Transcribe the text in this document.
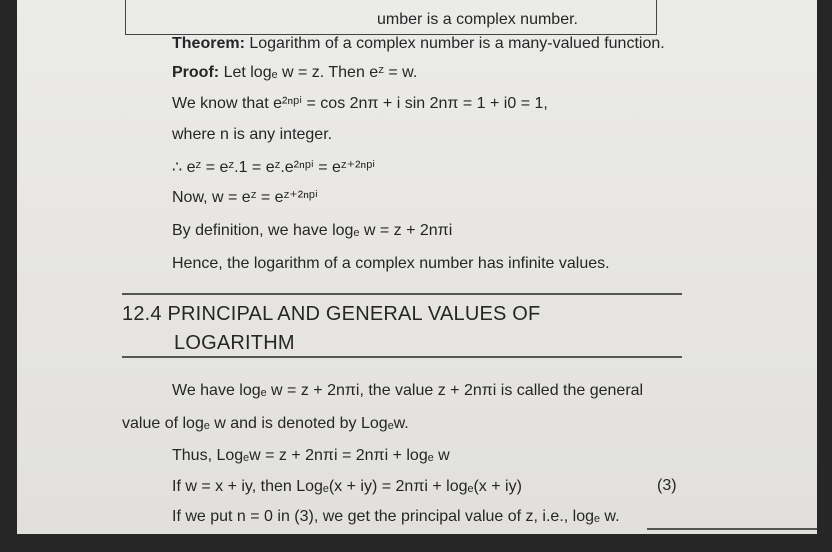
umber is a complex number.
Theorem: Logarithm of a complex number is a many-valued function.
Proof: Let logₑ w = z. Then eᶻ = w.
We know that e²ⁿᵖⁱ = cos 2nπ + i sin 2nπ = 1 + i0 = 1,
where n is any integer.
∴ eᶻ = eᶻ.1 = eᶻ.e²ⁿᵖⁱ = eᶻ⁺²ⁿᵖⁱ
Now, w = eᶻ = eᶻ⁺²ⁿᵖⁱ
By definition, we have logₑ w = z + 2nπi
Hence, the logarithm of a complex number has infinite values.
12.4 PRINCIPAL AND GENERAL VALUES OF
LOGARITHM
We have logₑ w = z + 2nπi, the value z + 2nπi is called the general
value of logₑ w and is denoted by Logₑw.
Thus, Logₑw = z + 2nπi = 2nπi + logₑ w
If w = x + iy, then Logₑ(x + iy) = 2nπi + logₑ(x + iy)	(3)
If we put n = 0 in (3), we get the principal value of z, i.e., logₑ w.
